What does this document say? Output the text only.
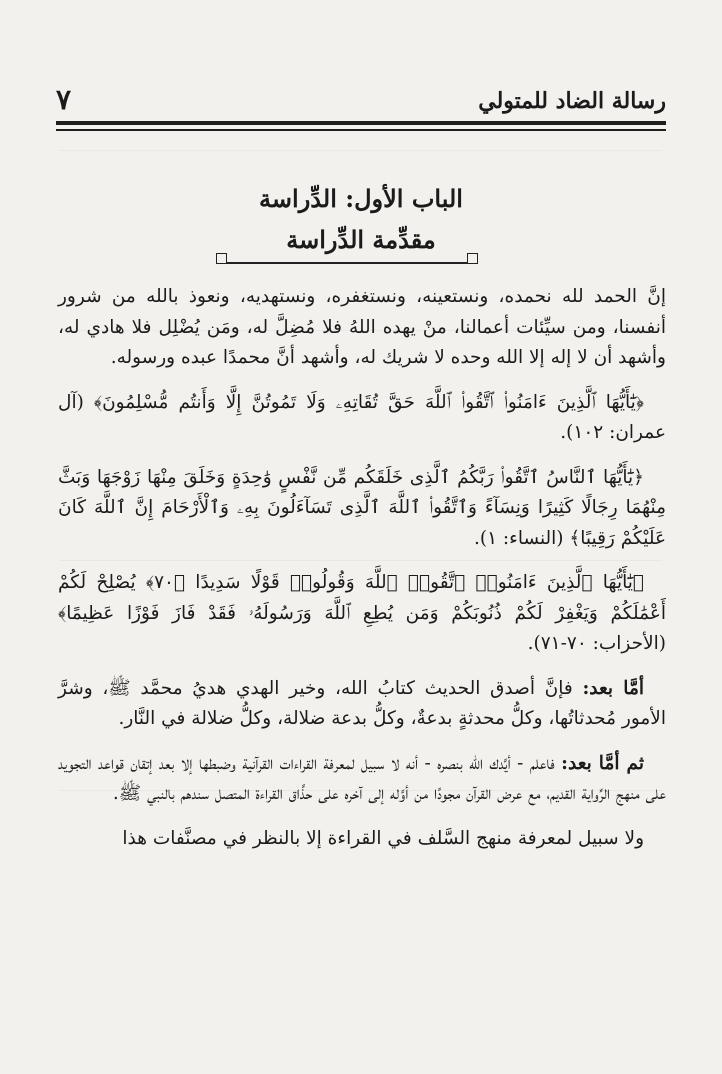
رسالة الضاد للمتولي
٧
الباب الأول: الدِّراسة
مقدِّمة الدِّراسة

إنَّ الحمد لله نحمده، ونستعينه، ونستغفره، ونستهديه، ونعوذ بالله من شرور أنفسنا، ومن سيِّئات أعمالنا، منْ يهده اللهُ فلا مُضِلَّ له، ومَن يُضْلِل فلا هادي له، وأشهد أن لا إله إلا الله وحده لا شريك له، وأشهد أنَّ محمدًا عبده ورسوله.

﴿يَٰٓأَيُّهَا ٱلَّذِينَ ءَامَنُوا۟ ٱتَّقُوا۟ ٱللَّهَ حَقَّ تُقَاتِهِۦ وَلَا تَمُوتُنَّ إِلَّا وَأَنتُم مُّسْلِمُونَ﴾ (آل عمران: ١٠٢).

﴿يَٰٓأَيُّهَا ٱلنَّاسُ ٱتَّقُوا۟ رَبَّكُمُ ٱلَّذِى خَلَقَكُم مِّن نَّفْسٍ وَٰحِدَةٍ وَخَلَقَ مِنْهَا زَوْجَهَا وَبَثَّ مِنْهُمَا رِجَالًا كَثِيرًا وَنِسَآءً وَٱتَّقُوا۟ ٱللَّهَ ٱلَّذِى تَسَآءَلُونَ بِهِۦ وَٱلْأَرْحَامَ إِنَّ ٱللَّهَ كَانَ عَلَيْكُمْ رَقِيبًا﴾ (النساء: ١).

﴿يَٰٓأَيُّهَا ٱلَّذِينَ ءَامَنُوا۟ ٱتَّقُوا۟ ٱللَّهَ وَقُولُوا۟ قَوْلًا سَدِيدًا ﴿٧٠﴾ يُصْلِحْ لَكُمْ أَعْمَٰلَكُمْ وَيَغْفِرْ لَكُمْ ذُنُوبَكُمْ وَمَن يُطِعِ ٱللَّهَ وَرَسُولَهُۥ فَقَدْ فَازَ فَوْزًا عَظِيمًا﴾ (الأحزاب: ٧٠-٧١).

أمَّا بعد: فإنَّ أصدق الحديث كتابُ الله، وخير الهدي هديُ محمَّد ﷺ، وشرَّ الأمور مُحدثاتُها، وكلُّ محدثةٍ بدعةٌ، وكلُّ بدعة ضلالة، وكلُّ ضلالة في النَّار.

ثم أمَّا بعد: فاعلم - أيَّدك الله بنصره - أنه لا سبيل لمعرفة القراءات القرآنية وضبطها إلا بعد إتقان قواعد التجويد على منهج الرِّواية القديم، مع عرض القرآن مجودًا من أوَّله إلى آخره على حذَّاق القراءة المتصل سندهم بالنبي ﷺ.

ولا سبيل لمعرفة منهج السَّلف في القراءة إلا بالنظر في مصنَّفات هذا
